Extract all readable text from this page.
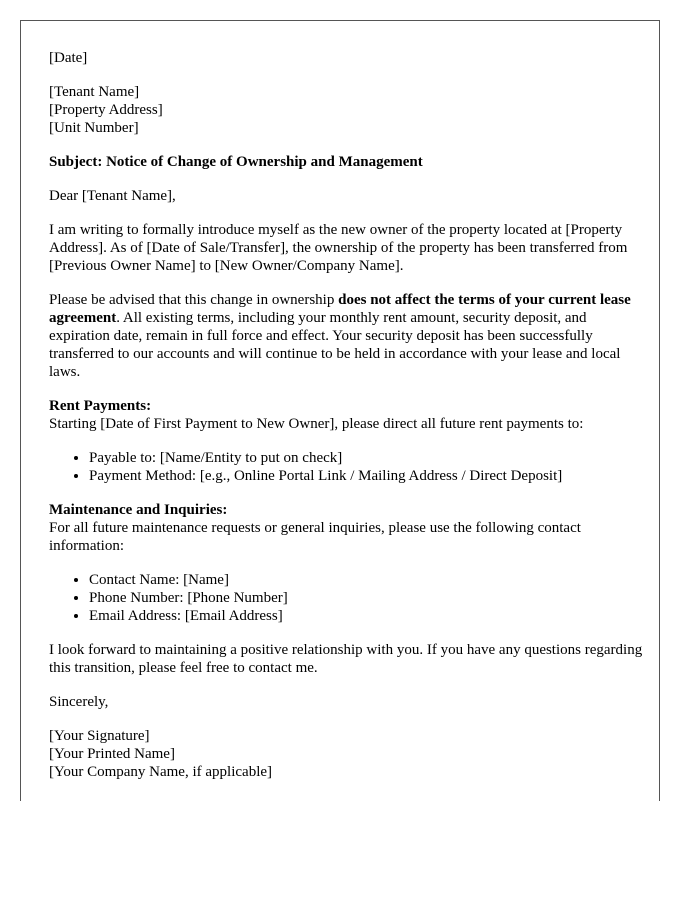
[Date]

[Tenant Name]
[Property Address]
[Unit Number]

Subject: Notice of Change of Ownership and Management

Dear [Tenant Name],

I am writing to formally introduce myself as the new owner of the property located at [Property Address]. As of [Date of Sale/Transfer], the ownership of the property has been transferred from [Previous Owner Name] to [New Owner/Company Name].

Please be advised that this change in ownership does not affect the terms of your current lease agreement. All existing terms, including your monthly rent amount, security deposit, and expiration date, remain in full force and effect. Your security deposit has been successfully transferred to our accounts and will continue to be held in accordance with your lease and local laws.

Rent Payments:
Starting [Date of First Payment to New Owner], please direct all future rent payments to:

• Payable to: [Name/Entity to put on check]
• Payment Method: [e.g., Online Portal Link / Mailing Address / Direct Deposit]

Maintenance and Inquiries:
For all future maintenance requests or general inquiries, please use the following contact information:

• Contact Name: [Name]
• Phone Number: [Phone Number]
• Email Address: [Email Address]

I look forward to maintaining a positive relationship with you. If you have any questions regarding this transition, please feel free to contact me.

Sincerely,

[Your Signature]
[Your Printed Name]
[Your Company Name, if applicable]
